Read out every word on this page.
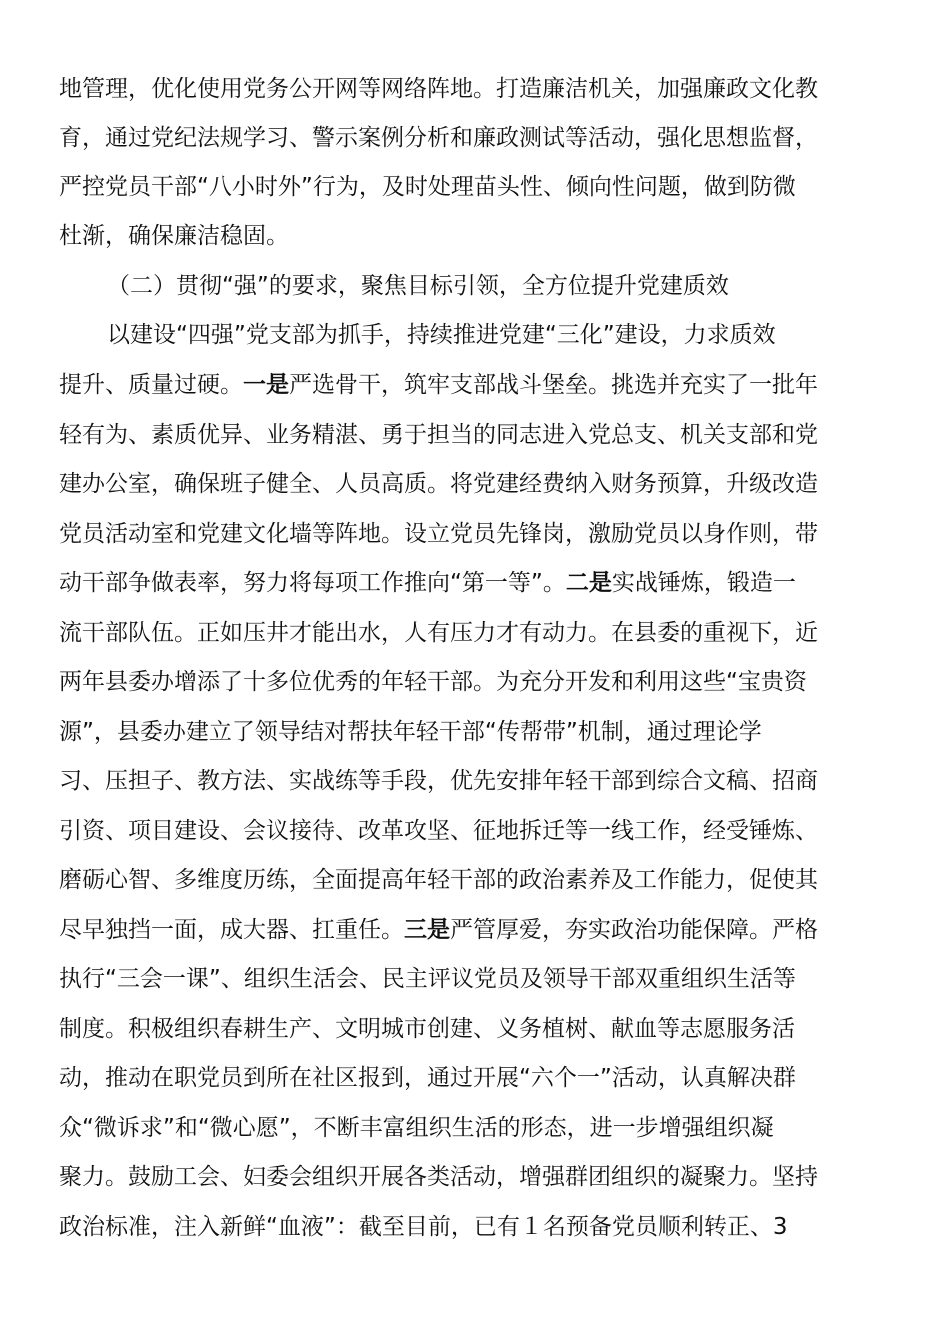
地管理，优化使用党务公开网等网络阵地。打造廉洁机关，加强廉政文化教
育，通过党纪法规学习、警示案例分析和廉政测试等活动，强化思想监督，
严控党员干部“八小时外”行为，及时处理苗头性、倾向性问题，做到防微
杜渐，确保廉洁稳固。
（二）贯彻“强”的要求，聚焦目标引领，全方位提升党建质效
以建设“四强”党支部为抓手，持续推进党建“三化”建设，力求质效
提升、质量过硬。一是严选骨干，筑牢支部战斗堡垒。挑选并充实了一批年
轻有为、素质优异、业务精湛、勇于担当的同志进入党总支、机关支部和党
建办公室，确保班子健全、人员高质。将党建经费纳入财务预算，升级改造
党员活动室和党建文化墙等阵地。设立党员先锋岗，激励党员以身作则，带
动干部争做表率，努力将每项工作推向“第一等”。二是实战锤炼，锻造一
流干部队伍。正如压井才能出水，人有压力才有动力。在县委的重视下，近
两年县委办增添了十多位优秀的年轻干部。为充分开发和利用这些“宝贵资
源”，县委办建立了领导结对帮扶年轻干部“传帮带”机制，通过理论学
习、压担子、教方法、实战练等手段，优先安排年轻干部到综合文稿、招商
引资、项目建设、会议接待、改革攻坚、征地拆迁等一线工作，经受锤炼、
磨砺心智、多维度历练，全面提高年轻干部的政治素养及工作能力，促使其
尽早独挡一面，成大器、扛重任。三是严管厚爱，夯实政治功能保障。严格
执行“三会一课”、组织生活会、民主评议党员及领导干部双重组织生活等
制度。积极组织春耕生产、文明城市创建、义务植树、献血等志愿服务活
动，推动在职党员到所在社区报到，通过开展“六个一”活动，认真解决群
众“微诉求”和“微心愿”，不断丰富组织生活的形态，进一步增强组织凝
聚力。鼓励工会、妇委会组织开展各类活动，增强群团组织的凝聚力。坚持
政治标准，注入新鲜“血液”：截至目前，已有１名预备党员顺利转正、3
